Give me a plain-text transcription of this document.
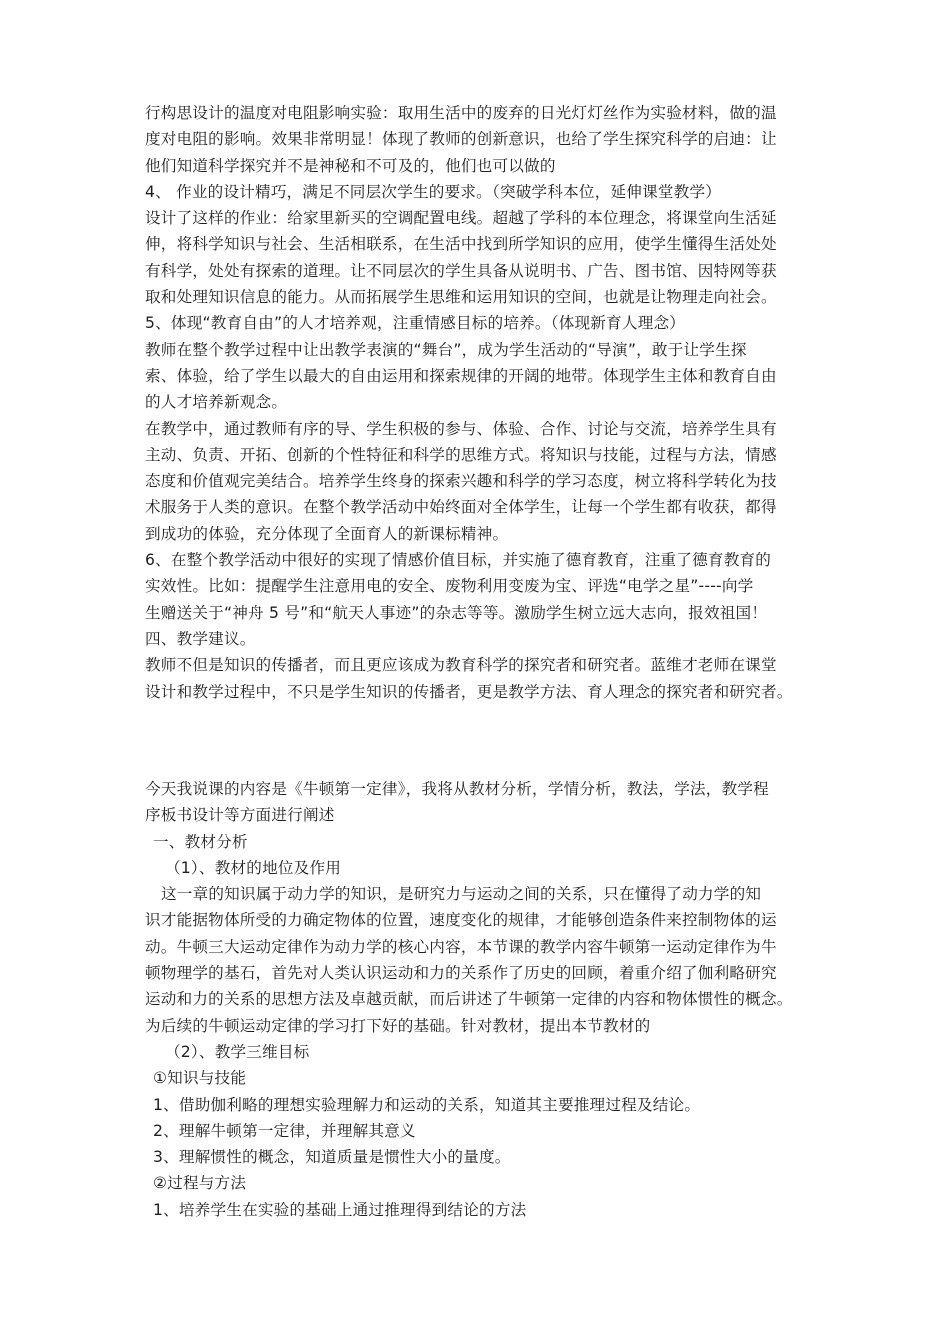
行构思设计的温度对电阻影响实验：取用生活中的废弃的日光灯灯丝作为实验材料，做的温

度对电阻的影响。效果非常明显！体现了教师的创新意识，也给了学生探究科学的启迪：让

他们知道科学探究并不是神秘和不可及的，他们也可以做的

4、 作业的设计精巧，满足不同层次学生的要求。（突破学科本位，延伸课堂教学）

设计了这样的作业：给家里新买的空调配置电线。超越了学科的本位理念，将课堂向生活延

伸，将科学知识与社会、生活相联系，在生活中找到所学知识的应用，使学生懂得生活处处

有科学，处处有探索的道理。让不同层次的学生具备从说明书、广告、图书馆、因特网等获

取和处理知识信息的能力。从而拓展学生思维和运用知识的空间，也就是让物理走向社会。

5、体现“教育自由”的人才培养观，注重情感目标的培养。（体现新育人理念）

教师在整个教学过程中让出教学表演的“舞台”，成为学生活动的“导演”，敢于让学生探

索、体验，给了学生以最大的自由运用和探索规律的开阔的地带。体现学生主体和教育自由

的人才培养新观念。

在教学中，通过教师有序的导、学生积极的参与、体验、合作、讨论与交流，培养学生具有

主动、负责、开拓、创新的个性特征和科学的思维方式。将知识与技能，过程与方法，情感

态度和价值观完美结合。培养学生终身的探索兴趣和科学的学习态度，树立将科学转化为技

术服务于人类的意识。在整个教学活动中始终面对全体学生，让每一个学生都有收获，都得

到成功的体验，充分体现了全面育人的新课标精神。

6、在整个教学活动中很好的实现了情感价值目标，并实施了德育教育，注重了德育教育的

实效性。比如：提醒学生注意用电的安全、废物利用变废为宝、评选“电学之星”----向学

生赠送关于“神舟 5 号”和“航天人事迹”的杂志等等。激励学生树立远大志向，报效祖国！

四、教学建议。

教师不但是知识的传播者，而且更应该成为教育科学的探究者和研究者。蓝维才老师在课堂

设计和教学过程中，不只是学生知识的传播者，更是教学方法、育人理念的探究者和研究者。

今天我说课的内容是《牛顿第一定律》，我将从教材分析，学情分析，教法，学法，教学程

序板书设计等方面进行阐述

一、教材分析

（1）、教材的地位及作用

这一章的知识属于动力学的知识，是研究力与运动之间的关系，只在懂得了动力学的知

识才能据物体所受的力确定物体的位置，速度变化的规律，才能够创造条件来控制物体的运

动。牛顿三大运动定律作为动力学的核心内容，本节课的教学内容牛顿第一运动定律作为牛

顿物理学的基石，首先对人类认识运动和力的关系作了历史的回顾，着重介绍了伽利略研究

运动和力的关系的思想方法及卓越贡献，而后讲述了牛顿第一定律的内容和物体惯性的概念。

为后续的牛顿运动定律的学习打下好的基础。针对教材，提出本节教材的

（2）、教学三维目标

①知识与技能

1、借助伽利略的理想实验理解力和运动的关系，知道其主要推理过程及结论。

2、理解牛顿第一定律，并理解其意义

3、理解惯性的概念，知道质量是惯性大小的量度。

②过程与方法

1、培养学生在实验的基础上通过推理得到结论的方法
